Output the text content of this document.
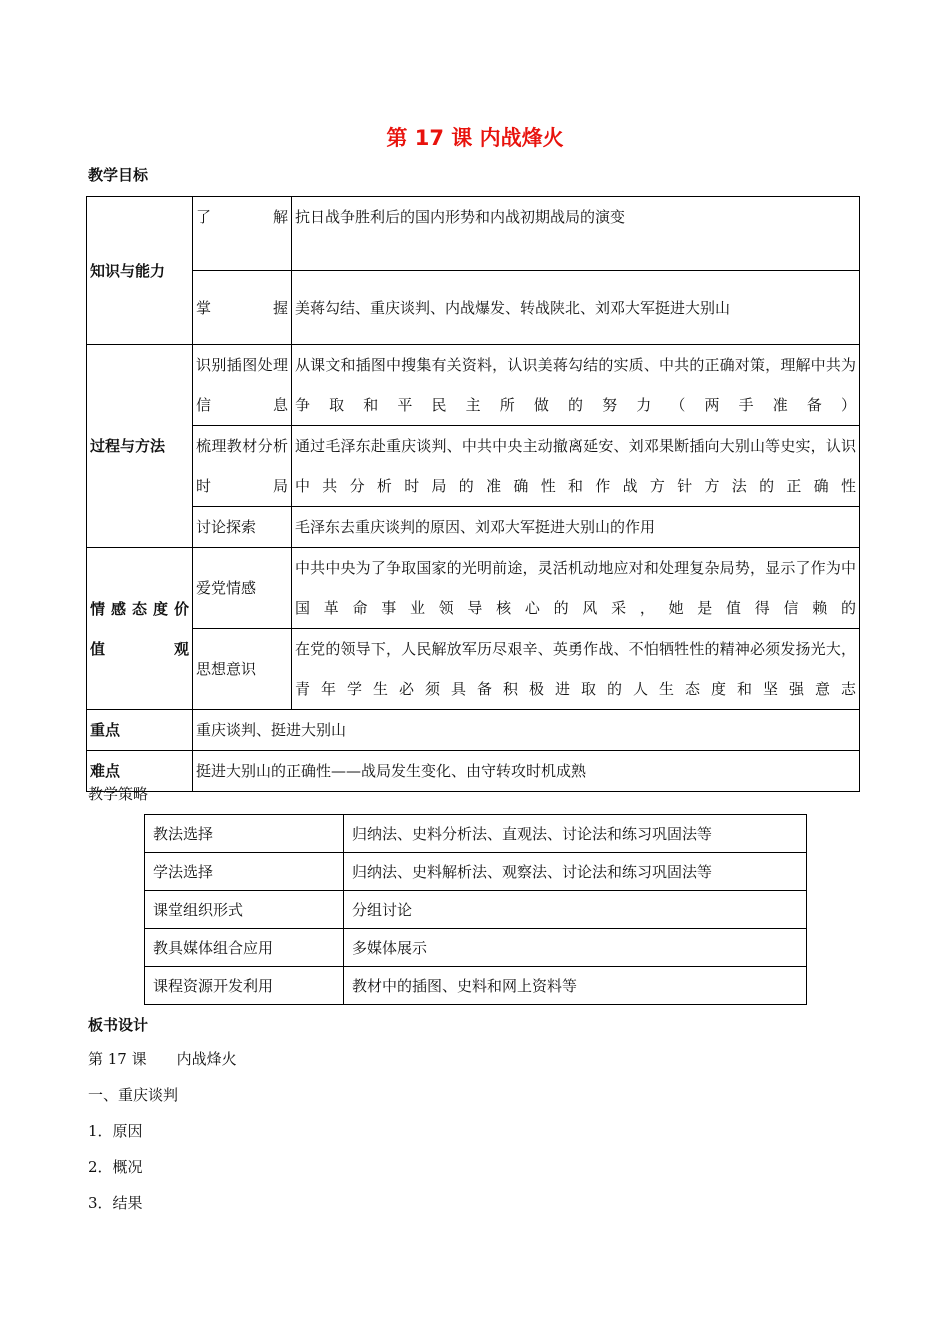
第 17 课 内战烽火
教学目标
知识与能力	了解	抗日战争胜利后的国内形势和内战初期战局的演变
	掌握	美蒋勾结、重庆谈判、内战爆发、转战陕北、刘邓大军挺进大别山
过程与方法	识别插图处理信息	从课文和插图中搜集有关资料，认识美蒋勾结的实质、中共的正确对策，理解中共为争取和平民主所做的努力（两手准备）
	梳理教材分析时局	通过毛泽东赴重庆谈判、中共中央主动撤离延安、刘邓果断插向大别山等史实，认识中共分析时局的准确性和作战方针方法的正确性
	讨论探索	毛泽东去重庆谈判的原因、刘邓大军挺进大别山的作用
情 感 态 度 价 值 观	爱党情感	中共中央为了争取国家的光明前途，灵活机动地应对和处理复杂局势，显示了作为中国革命事业领导核心的风采，她是值得信赖的
	思想意识	在党的领导下，人民解放军历尽艰辛、英勇作战、不怕牺牲性的精神必须发扬光大，青年学生必须具备积极进取的人生态度和坚强意志
重点	重庆谈判、挺进大别山	
难点	挺进大别山的正确性——战局发生变化、由守转攻时机成熟	
教学策略
教法选择	归纳法、史料分析法、直观法、讨论法和练习巩固法等
学法选择	归纳法、史料解析法、观察法、讨论法和练习巩固法等
课堂组织形式	分组讨论
教具媒体组合应用	多媒体展示
课程资源开发利用	教材中的插图、史料和网上资料等
板书设计
第 17 课　　内战烽火
一、重庆谈判
1．原因
2．概况
3．结果
